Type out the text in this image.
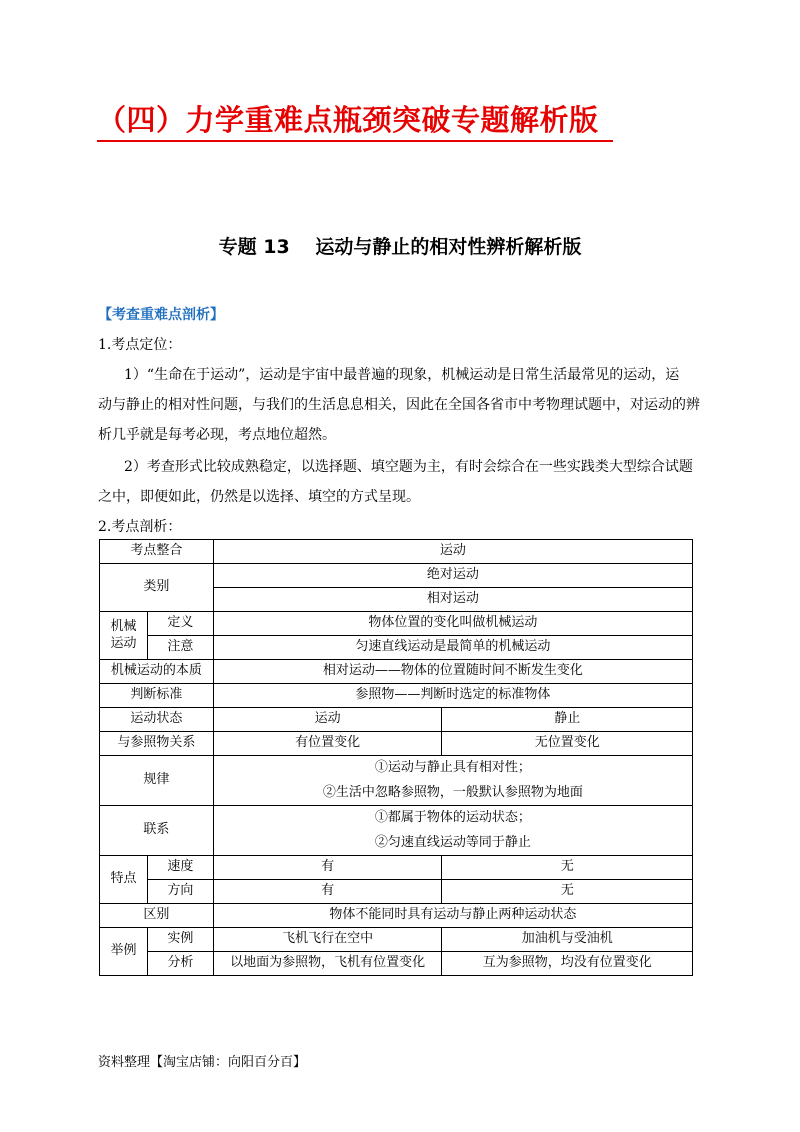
（四）力学重难点瓶颈突破专题解析版
专题 13　 运动与静止的相对性辨析解析版
【考查重难点剖析】
1.考点定位：
1）“生命在于运动”，运动是宇宙中最普遍的现象，机械运动是日常生活最常见的运动，运
动与静止的相对性问题，与我们的生活息息相关，因此在全国各省市中考物理试题中，对运动的辨
析几乎就是每考必现，考点地位超然。
2）考查形式比较成熟稳定，以选择题、填空题为主，有时会综合在一些实践类大型综合试题
之中，即便如此，仍然是以选择、填空的方式呈现。
2.考点剖析：
考点整合		运动	
类别		绝对运动	
		相对运动	
机械
运动	定义	物体位置的变化叫做机械运动	
	注意	匀速直线运动是最简单的机械运动	
机械运动的本质		相对运动——物体的位置随时间不断发生变化	
判断标准		参照物——判断时选定的标准物体	
运动状态		运动	静止
与参照物关系		有位置变化	无位置变化
规律		①运动与静止具有相对性；
②生活中忽略参照物，一般默认参照物为地面	
联系		①都属于物体的运动状态；
②匀速直线运动等同于静止	
特点	速度	有	无
	方向	有	无
区别		物体不能同时具有运动与静止两种运动状态	
举例	实例	飞机飞行在空中	加油机与受油机
	分析	以地面为参照物，飞机有位置变化	互为参照物，均没有位置变化
资料整理【淘宝店铺：向阳百分百】
